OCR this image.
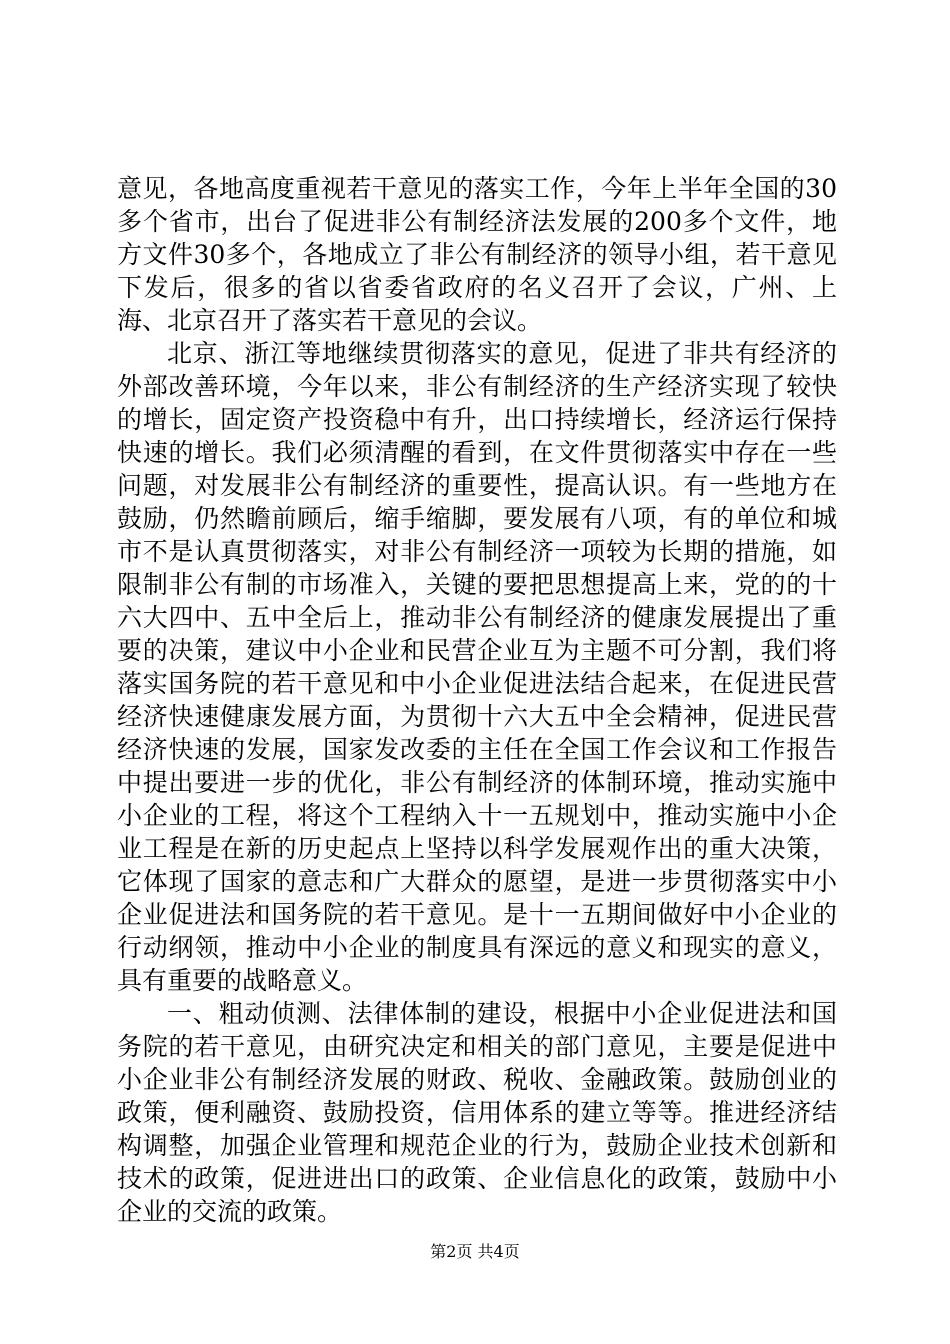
意见，各地高度重视若干意见的落实工作，今年上半年全国的30多个省市，出台了促进非公有制经济法发展的200多个文件，地方文件30多个，各地成立了非公有制经济的领导小组，若干意见下发后，很多的省以省委省政府的名义召开了会议，广州、上海、北京召开了落实若干意见的会议。

北京、浙江等地继续贯彻落实的意见，促进了非共有经济的外部改善环境，今年以来，非公有制经济的生产经济实现了较快的增长，固定资产投资稳中有升，出口持续增长，经济运行保持快速的增长。我们必须清醒的看到，在文件贯彻落实中存在一些问题，对发展非公有制经济的重要性，提高认识。有一些地方在鼓励，仍然瞻前顾后，缩手缩脚，要发展有八项，有的单位和城市不是认真贯彻落实，对非公有制经济一项较为长期的措施，如限制非公有制的市场准入，关键的要把思想提高上来，党的的十六大四中、五中全后上，推动非公有制经济的健康发展提出了重要的决策，建议中小企业和民营企业互为主题不可分割，我们将落实国务院的若干意见和中小企业促进法结合起来，在促进民营经济快速健康发展方面，为贯彻十六大五中全会精神，促进民营经济快速的发展，国家发改委的主任在全国工作会议和工作报告中提出要进一步的优化，非公有制经济的体制环境，推动实施中小企业的工程，将这个工程纳入十一五规划中，推动实施中小企业工程是在新的历史起点上坚持以科学发展观作出的重大决策，它体现了国家的意志和广大群众的愿望，是进一步贯彻落实中小企业促进法和国务院的若干意见。是十一五期间做好中小企业的行动纲领，推动中小企业的制度具有深远的意义和现实的意义，具有重要的战略意义。

一、粗动侦测、法律体制的建设，根据中小企业促进法和国务院的若干意见，由研究决定和相关的部门意见，主要是促进中小企业非公有制经济发展的财政、税收、金融政策。鼓励创业的政策，便利融资、鼓励投资，信用体系的建立等等。推进经济结构调整，加强企业管理和规范企业的行为，鼓励企业技术创新和技术的政策，促进进出口的政策、企业信息化的政策，鼓励中小企业的交流的政策。

第2页 共4页
